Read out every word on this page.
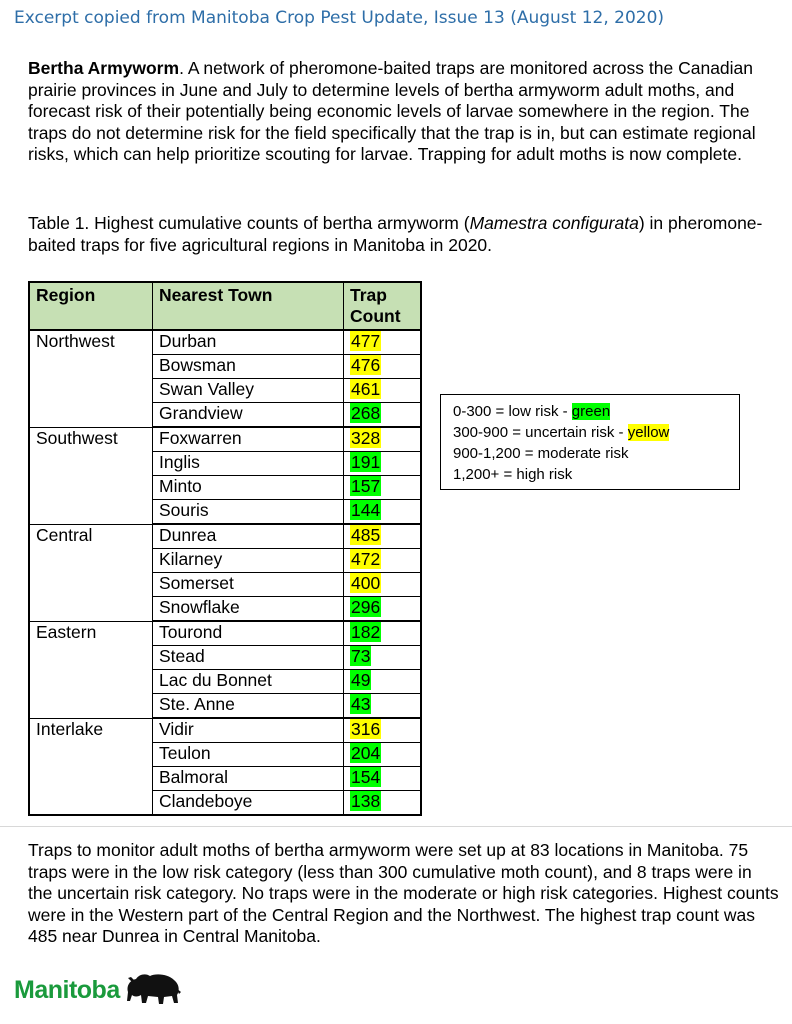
Excerpt copied from Manitoba Crop Pest Update, Issue 13 (August 12, 2020)
Bertha Armyworm. A network of pheromone-baited traps are monitored across the Canadian prairie provinces in June and July to determine levels of bertha armyworm adult moths, and forecast risk of their potentially being economic levels of larvae somewhere in the region. The traps do not determine risk for the field specifically that the trap is in, but can estimate regional risks, which can help prioritize scouting for larvae. Trapping for adult moths is now complete.
Table 1. Highest cumulative counts of bertha armyworm (Mamestra configurata) in pheromone-baited traps for five agricultural regions in Manitoba in 2020.
Region	Nearest Town	Trap
Count
Northwest	Durban	477
	Bowsman	476
	Swan Valley	461
	Grandview	268
Southwest	Foxwarren	328
	Inglis	191
	Minto	157
	Souris	144
Central	Dunrea	485
	Kilarney	472
	Somerset	400
	Snowflake	296
Eastern	Tourond	182
	Stead	73
	Lac du Bonnet	49
	Ste. Anne	43
Interlake	Vidir	316
	Teulon	204
	Balmoral	154
	Clandeboye	138
0-300 = low risk - green
300-900 = uncertain risk - yellow
900-1,200 = moderate risk
1,200+ = high risk
Traps to monitor adult moths of bertha armyworm were set up at 83 locations in Manitoba. 75 traps were in the low risk category (less than 300 cumulative moth count), and 8 traps were in the uncertain risk category. No traps were in the moderate or high risk categories. Highest counts were in the Western part of the Central Region and the Northwest. The highest trap count was 485 near Dunrea in Central Manitoba.
Manitoba
